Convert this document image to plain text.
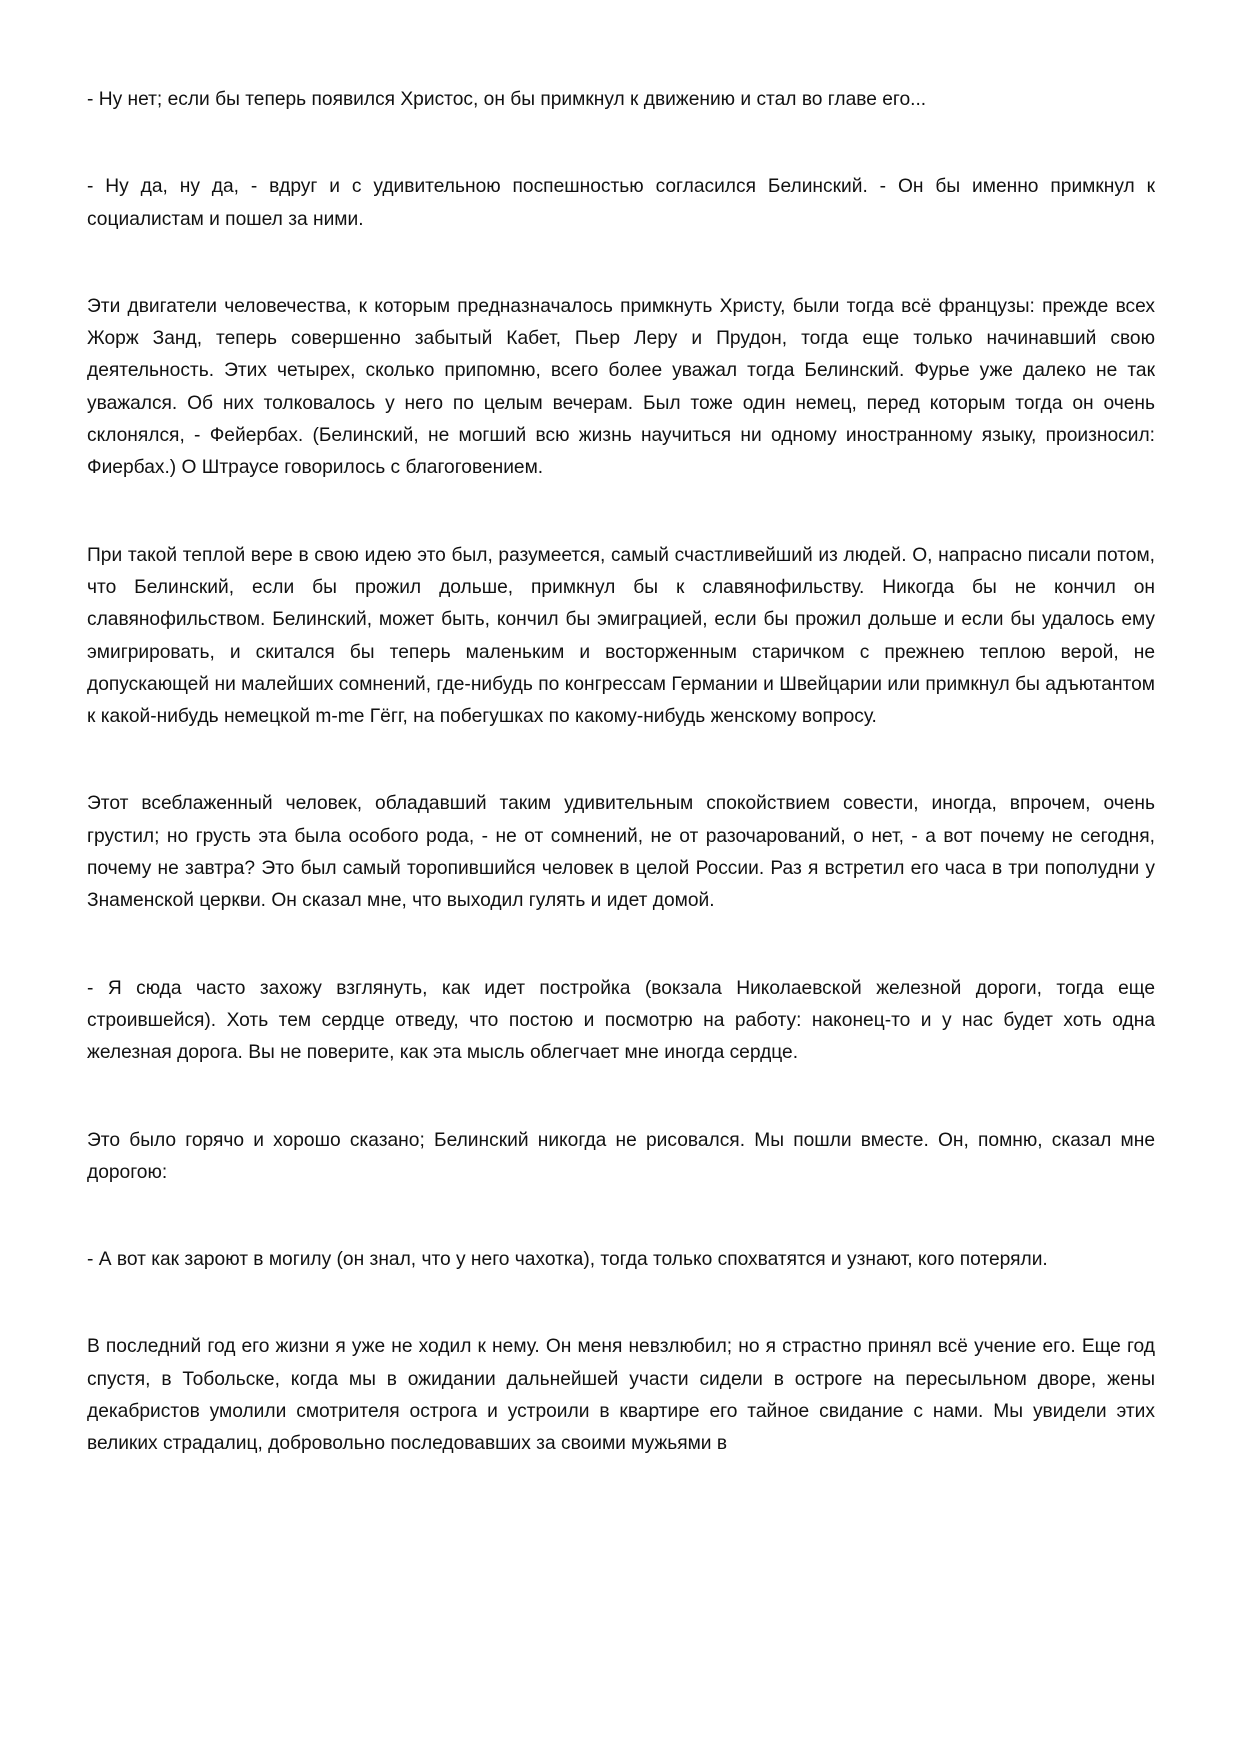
- Ну нет; если бы теперь появился Христос, он бы примкнул к движению и стал во главе его...

- Ну да, ну да, - вдруг и с удивительною поспешностью согласился Белинский. - Он бы именно примкнул к социалистам и пошел за ними.

Эти двигатели человечества, к которым предназначалось примкнуть Христу, были тогда всё французы: прежде всех Жорж Занд, теперь совершенно забытый Кабет, Пьер Леру и Прудон, тогда еще только начинавший свою деятельность. Этих четырех, сколько припомню, всего более уважал тогда Белинский. Фурье уже далеко не так уважался. Об них толковалось у него по целым вечерам. Был тоже один немец, перед которым тогда он очень склонялся, - Фейербах. (Белинский, не могший всю жизнь научиться ни одному иностранному языку, произносил: Фиербах.) О Штраусе говорилось с благоговением.

При такой теплой вере в свою идею это был, разумеется, самый счастливейший из людей. О, напрасно писали потом, что Белинский, если бы прожил дольше, примкнул бы к славянофильству. Никогда бы не кончил он славянофильством. Белинский, может быть, кончил бы эмиграцией, если бы прожил дольше и если бы удалось ему эмигрировать, и скитался бы теперь маленьким и восторженным старичком с прежнею теплою верой, не допускающей ни малейших сомнений, где-нибудь по конгрессам Германии и Швейцарии или примкнул бы адъютантом к какой-нибудь немецкой m-me Гёгг, на побегушках по какому-нибудь женскому вопросу.

Этот всеблаженный человек, обладавший таким удивительным спокойствием совести, иногда, впрочем, очень грустил; но грусть эта была особого рода, - не от сомнений, не от разочарований, о нет, - а вот почему не сегодня, почему не завтра? Это был самый торопившийся человек в целой России. Раз я встретил его часа в три пополудни у Знаменской церкви. Он сказал мне, что выходил гулять и идет домой.

- Я сюда часто захожу взглянуть, как идет постройка (вокзала Николаевской железной дороги, тогда еще строившейся). Хоть тем сердце отведу, что постою и посмотрю на работу: наконец-то и у нас будет хоть одна железная дорога. Вы не поверите, как эта мысль облегчает мне иногда сердце.

Это было горячо и хорошо сказано; Белинский никогда не рисовался. Мы пошли вместе. Он, помню, сказал мне дорогою:

- А вот как зароют в могилу (он знал, что у него чахотка), тогда только спохватятся и узнают, кого потеряли.

В последний год его жизни я уже не ходил к нему. Он меня невзлюбил; но я страстно принял всё учение его. Еще год спустя, в Тобольске, когда мы в ожидании дальнейшей участи сидели в остроге на пересыльном дворе, жены декабристов умолили смотрителя острога и устроили в квартире его тайное свидание с нами. Мы увидели этих великих страдалиц, добровольно последовавших за своими мужьями в
